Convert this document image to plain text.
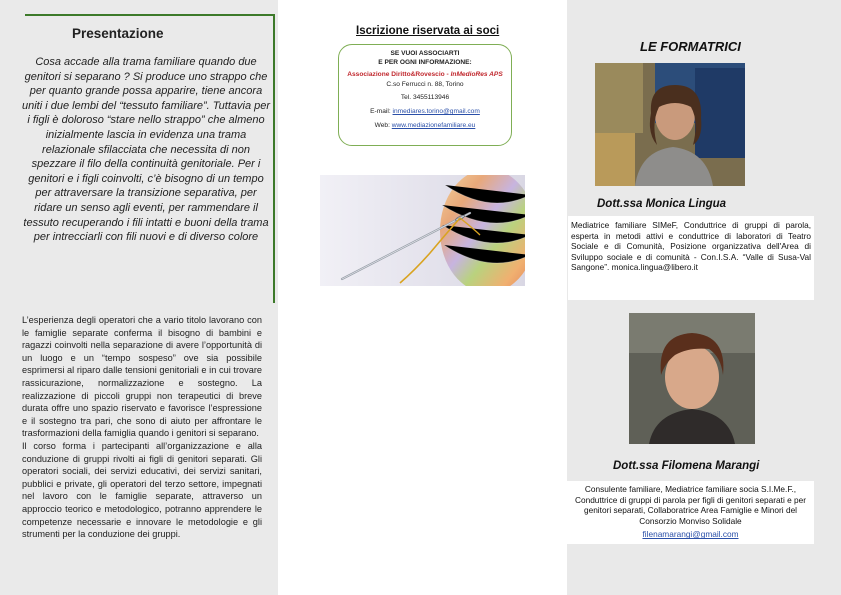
Presentazione

Cosa accade alla trama familiare quando due genitori si separano ? Si produce uno strappo che per quanto grande possa apparire, tiene ancora uniti i due lembi del “tessuto familiare”. Tuttavia per i figli è doloroso “stare nello strappo” che almeno inizialmente lascia in evidenza una trama relazionale sfilacciata che necessita di non spezzare il filo della continuità genitoriale. Per i genitori e i figli coinvolti, c’è bisogno di un tempo per attraversare la transizione separativa, per ridare un senso agli eventi, per rammendare il tessuto recuperando i fili intatti e buoni della trama per intrecciarli con fili nuovi e di diverso colore

L’esperienza degli operatori che a vario titolo lavorano con le famiglie separate conferma il bisogno di bambini e ragazzi coinvolti nella separazione di avere l’opportunità di un luogo e un “tempo sospeso” ove sia possibile esprimersi al riparo dalle tensioni genitoriali e in cui trovare rassicurazione, normalizzazione e sostegno. La realizzazione di piccoli gruppi non terapeutici di breve durata offre uno spazio riservato e favorisce l’espressione e il sostegno tra pari, che sono di aiuto per affrontare le trasformazioni della famiglia quando i genitori si separano.
Il corso forma i partecipanti all’organizzazione e alla conduzione di gruppi rivolti ai figli di genitori separati. Gli operatori sociali, dei servizi educativi, dei servizi sanitari, pubblici e private, gli operatori del terzo settore, impegnati nel lavoro con le famiglie separate, attraverso un approccio teorico e metodologico, potranno apprendere le competenze necessarie e innovare le metodologie e gli strumenti per la conduzione dei gruppi.
Iscrizione riservata ai soci
SE VUOI ASSOCIARTI
E PER OGNI INFORMAZIONE:
Associazione Diritto&Rovescio - InMedioRes APS
C.so Ferrucci n. 88, Torino
Tel. 3455113946
E-mail: inmediares.torino@gmail.com
Web: www.mediazionefamiliare.eu
LE FORMATRICI
Dott.ssa Monica Lingua
Mediatrice familiare SIMeF, Conduttrice di gruppi di parola, esperta in metodi attivi e conduttrice di laboratori di Teatro Sociale e di Comunità, Posizione organizzativa dell'Area di Sviluppo sociale e di comunità - Con.I.S.A. “Valle di Susa-Val Sangone”. monica.lingua@libero.it
Dott.ssa Filomena Marangi
Consulente familiare, Mediatrice familiare socia S.I.Me.F., Conduttrice di gruppi di parola per figli di genitori separati e per genitori separati, Collaboratrice Area Famiglie e Minori del Consorzio Monviso Solidale
filenamarangi@gmail.com
